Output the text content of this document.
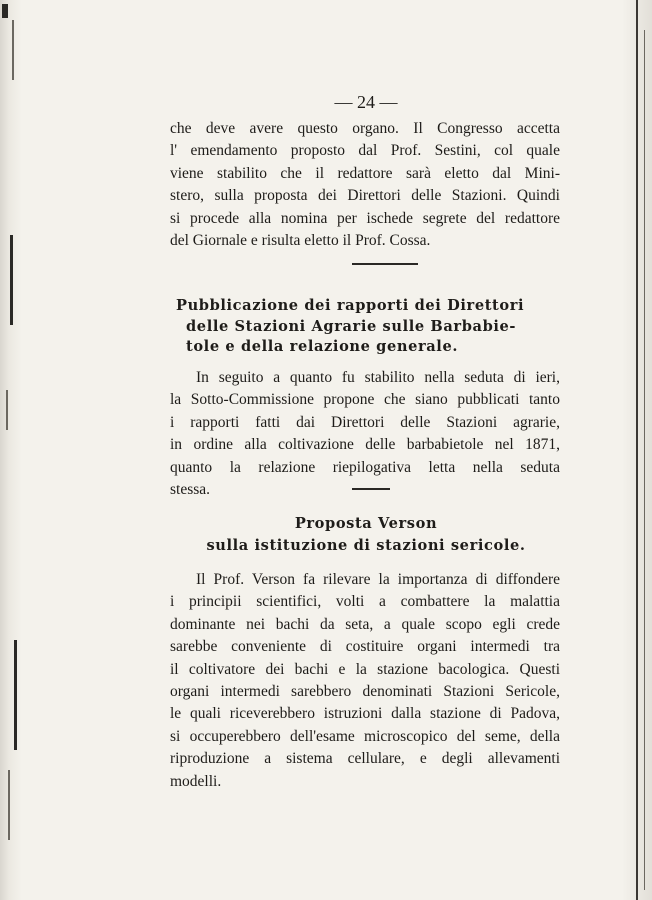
— 24 —
che deve avere questo organo. Il Congresso accetta
l' emendamento proposto dal Prof. Sestini, col quale
viene stabilito che il redattore sarà eletto dal Mini-
stero, sulla proposta dei Direttori delle Stazioni. Quindi
si procede alla nomina per ischede segrete del redattore
del Giornale e risulta eletto il Prof. Cossa.
Pubblicazione dei rapporti dei Direttori
delle Stazioni Agrarie sulle Barbabie-
tole e della relazione generale.
In seguito a quanto fu stabilito nella seduta di ieri,
la Sotto-Commissione propone che siano pubblicati tanto
i rapporti fatti dai Direttori delle Stazioni agrarie,
in ordine alla coltivazione delle barbabietole nel 1871,
quanto la relazione riepilogativa letta nella seduta
stessa.
Proposta Verson
sulla istituzione di stazioni sericole.
Il Prof. Verson fa rilevare la importanza di diffondere
i principii scientifici, volti a combattere la malattia
dominante nei bachi da seta, a quale scopo egli crede
sarebbe conveniente di costituire organi intermedi tra
il coltivatore dei bachi e la stazione bacologica. Questi
organi intermedi sarebbero denominati Stazioni Sericole,
le quali riceverebbero istruzioni dalla stazione di Padova,
si occuperebbero dell'esame microscopico del seme, della
riproduzione a sistema cellulare, e degli allevamenti
modelli.
